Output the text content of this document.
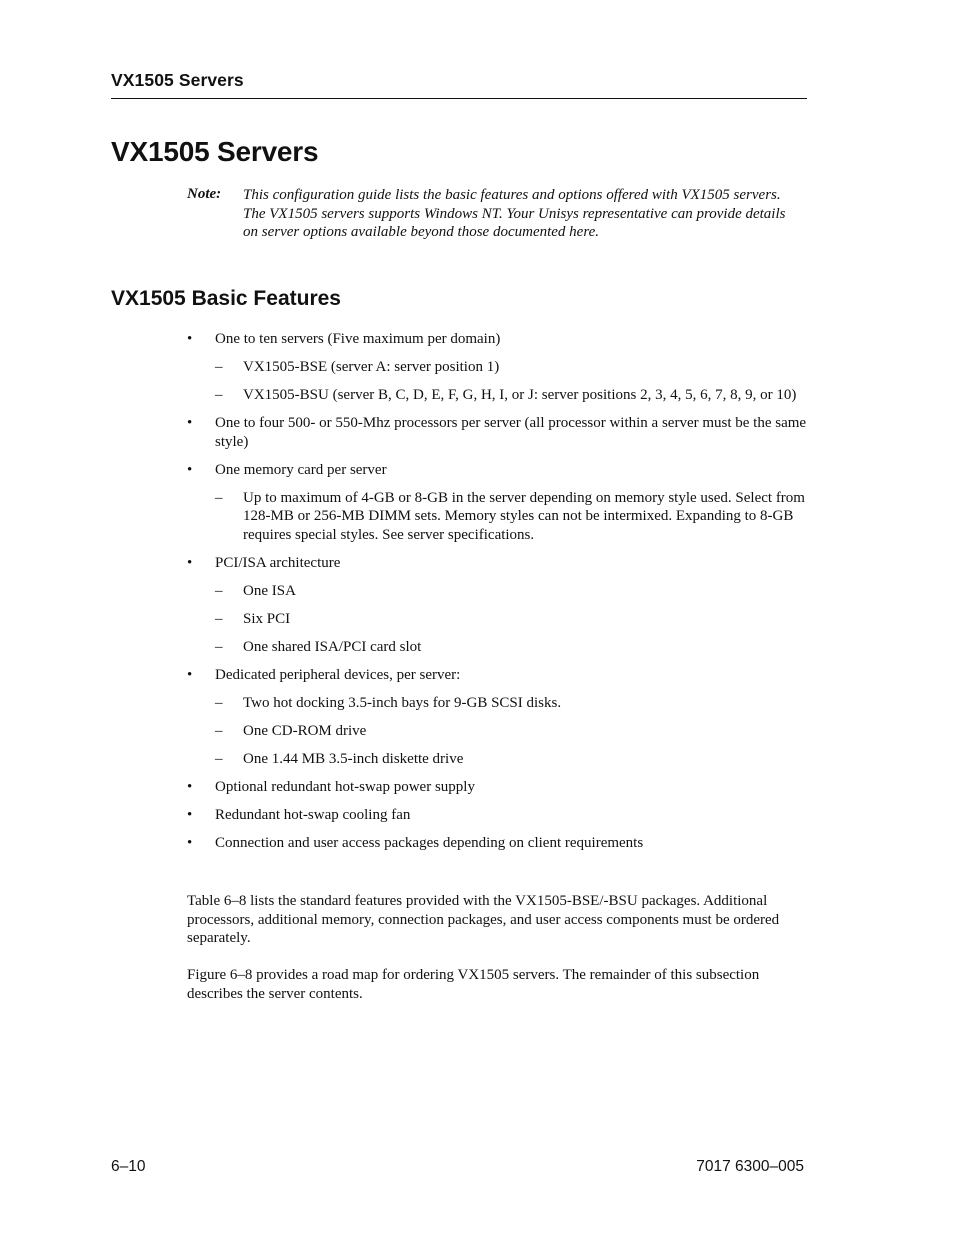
VX1505 Servers
VX1505 Servers
Note: This configuration guide lists the basic features and options offered with VX1505 servers. The VX1505 servers supports Windows NT. Your Unisys representative can provide details on server options available beyond those documented here.
VX1505 Basic Features
• One to ten servers (Five maximum per domain)
– VX1505-BSE (server A: server position 1)
– VX1505-BSU (server B, C, D, E, F, G, H, I, or J: server positions 2, 3, 4, 5, 6, 7, 8, 9, or 10)
• One to four 500- or 550-Mhz processors per server (all processor within a server must be the same style)
• One memory card per server
– Up to maximum of 4-GB or 8-GB in the server depending on memory style used. Select from 128-MB or 256-MB DIMM sets. Memory styles can not be intermixed. Expanding to 8-GB requires special styles. See server specifications.
• PCI/ISA architecture
– One ISA
– Six PCI
– One shared ISA/PCI card slot
• Dedicated peripheral devices, per server:
– Two hot docking 3.5-inch bays for 9-GB SCSI disks.
– One CD-ROM drive
– One 1.44 MB 3.5-inch diskette drive
• Optional redundant hot-swap power supply
• Redundant hot-swap cooling fan
• Connection and user access packages depending on client requirements

Table 6–8 lists the standard features provided with the VX1505-BSE/-BSU packages. Additional processors, additional memory, connection packages, and user access components must be ordered separately.

Figure 6–8 provides a road map for ordering VX1505 servers. The remainder of this subsection describes the server contents.

6–10	7017 6300–005
